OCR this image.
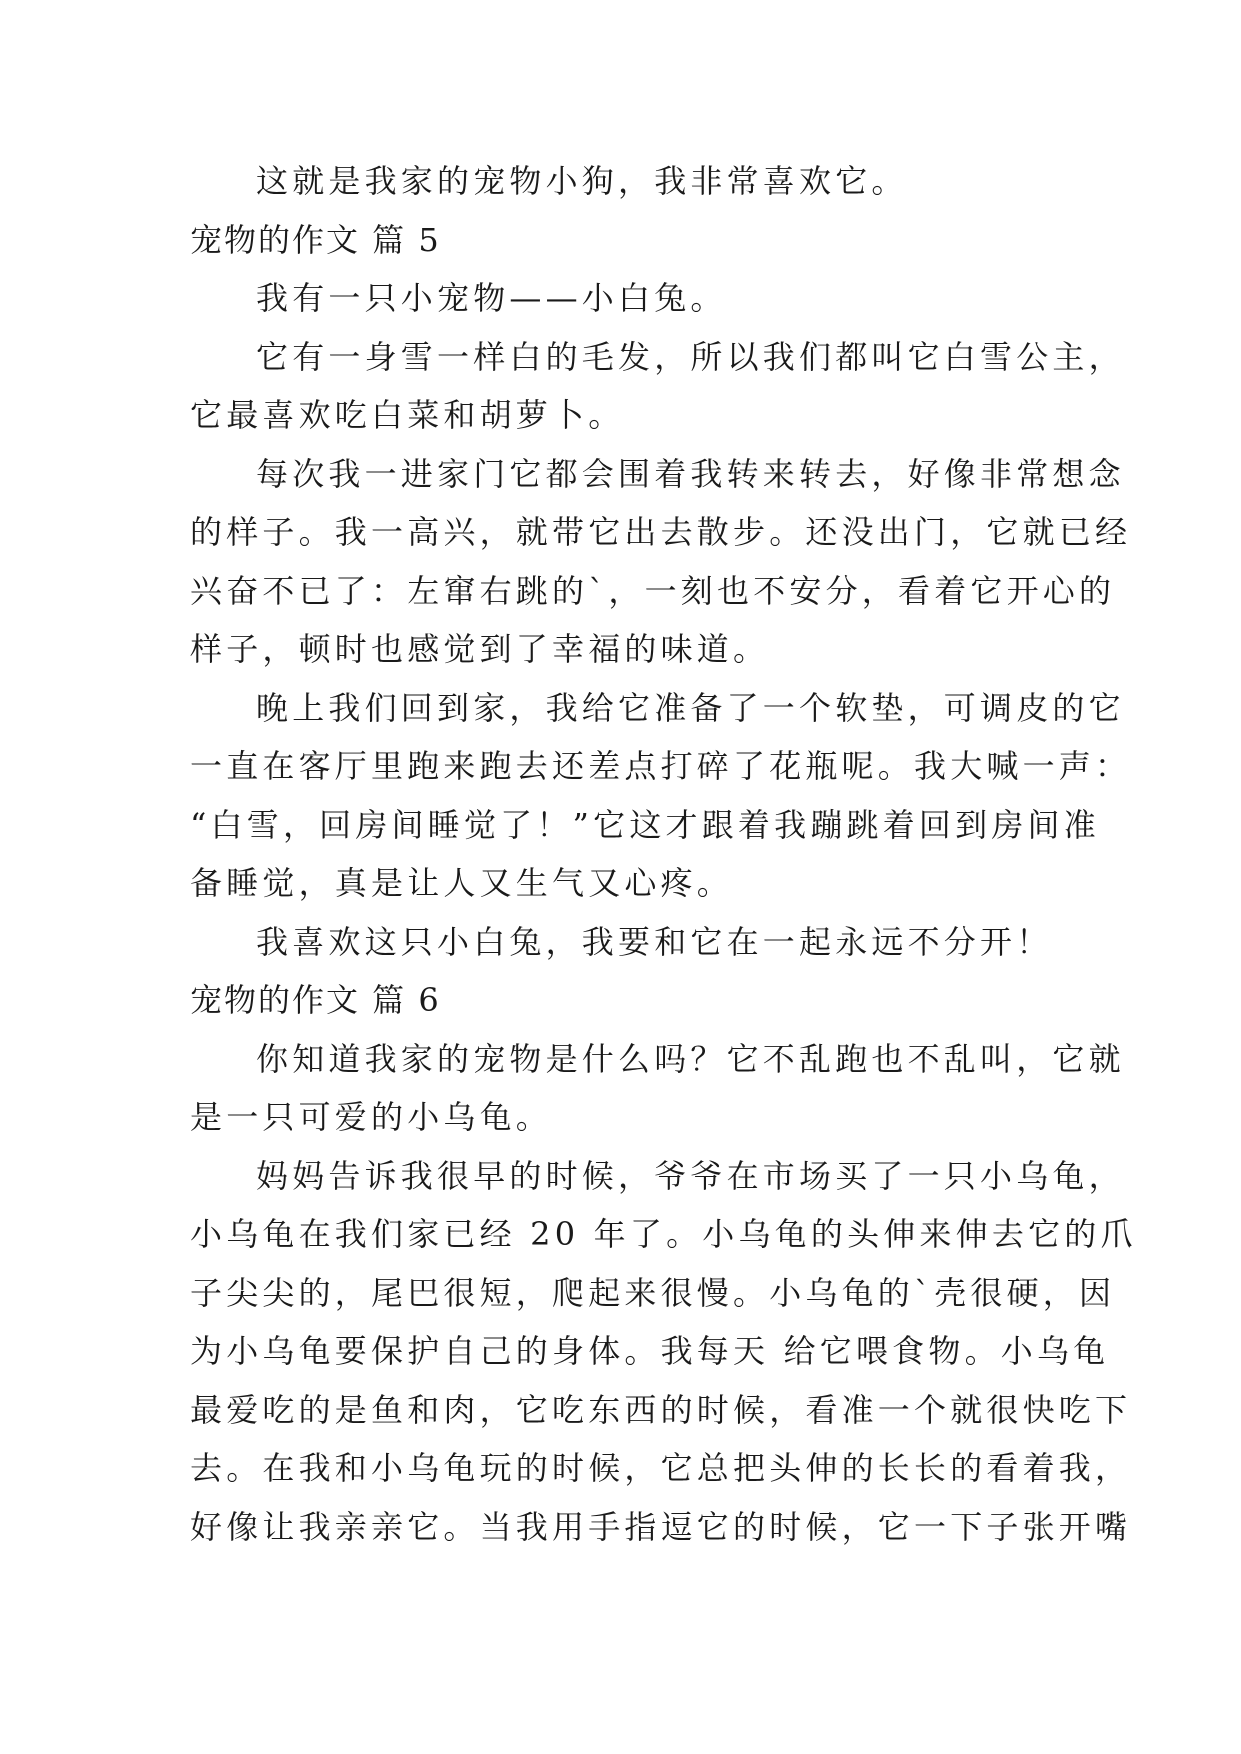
这就是我家的宠物小狗，我非常喜欢它。
宠物的作文 篇 5
我有一只小宠物——小白兔。
它有一身雪一样白的毛发，所以我们都叫它白雪公主，
它最喜欢吃白菜和胡萝卜。
每次我一进家门它都会围着我转来转去，好像非常想念
的样子。我一高兴，就带它出去散步。还没出门，它就已经
兴奋不已了：左窜右跳的`，一刻也不安分，看着它开心的
样子，顿时也感觉到了幸福的味道。
晚上我们回到家，我给它准备了一个软垫，可调皮的它
一直在客厅里跑来跑去还差点打碎了花瓶呢。我大喊一声：
“白雪，回房间睡觉了！”它这才跟着我蹦跳着回到房间准
备睡觉，真是让人又生气又心疼。
我喜欢这只小白兔，我要和它在一起永远不分开！
宠物的作文 篇 6
你知道我家的宠物是什么吗？它不乱跑也不乱叫，它就
是一只可爱的小乌龟。
妈妈告诉我很早的时候，爷爷在市场买了一只小乌龟，
小乌龟在我们家已经 20 年了。小乌龟的头伸来伸去它的爪
子尖尖的，尾巴很短，爬起来很慢。小乌龟的`壳很硬，因
为小乌龟要保护自己的身体。我每天 给它喂食物。小乌龟
最爱吃的是鱼和肉，它吃东西的时候，看准一个就很快吃下
去。在我和小乌龟玩的时候，它总把头伸的长长的看着我，
好像让我亲亲它。当我用手指逗它的时候，它一下子张开嘴
